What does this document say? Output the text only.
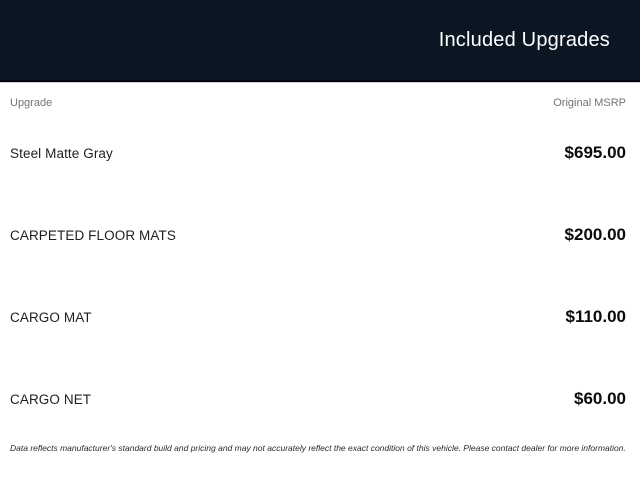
Included Upgrades
Upgrade	Original MSRP
Steel Matte Gray	$695.00
CARPETED FLOOR MATS	$200.00
CARGO MAT	$110.00
CARGO NET	$60.00
Data reflects manufacturer's standard build and pricing and may not accurately reflect the exact condition of this vehicle. Please contact dealer for more information.
